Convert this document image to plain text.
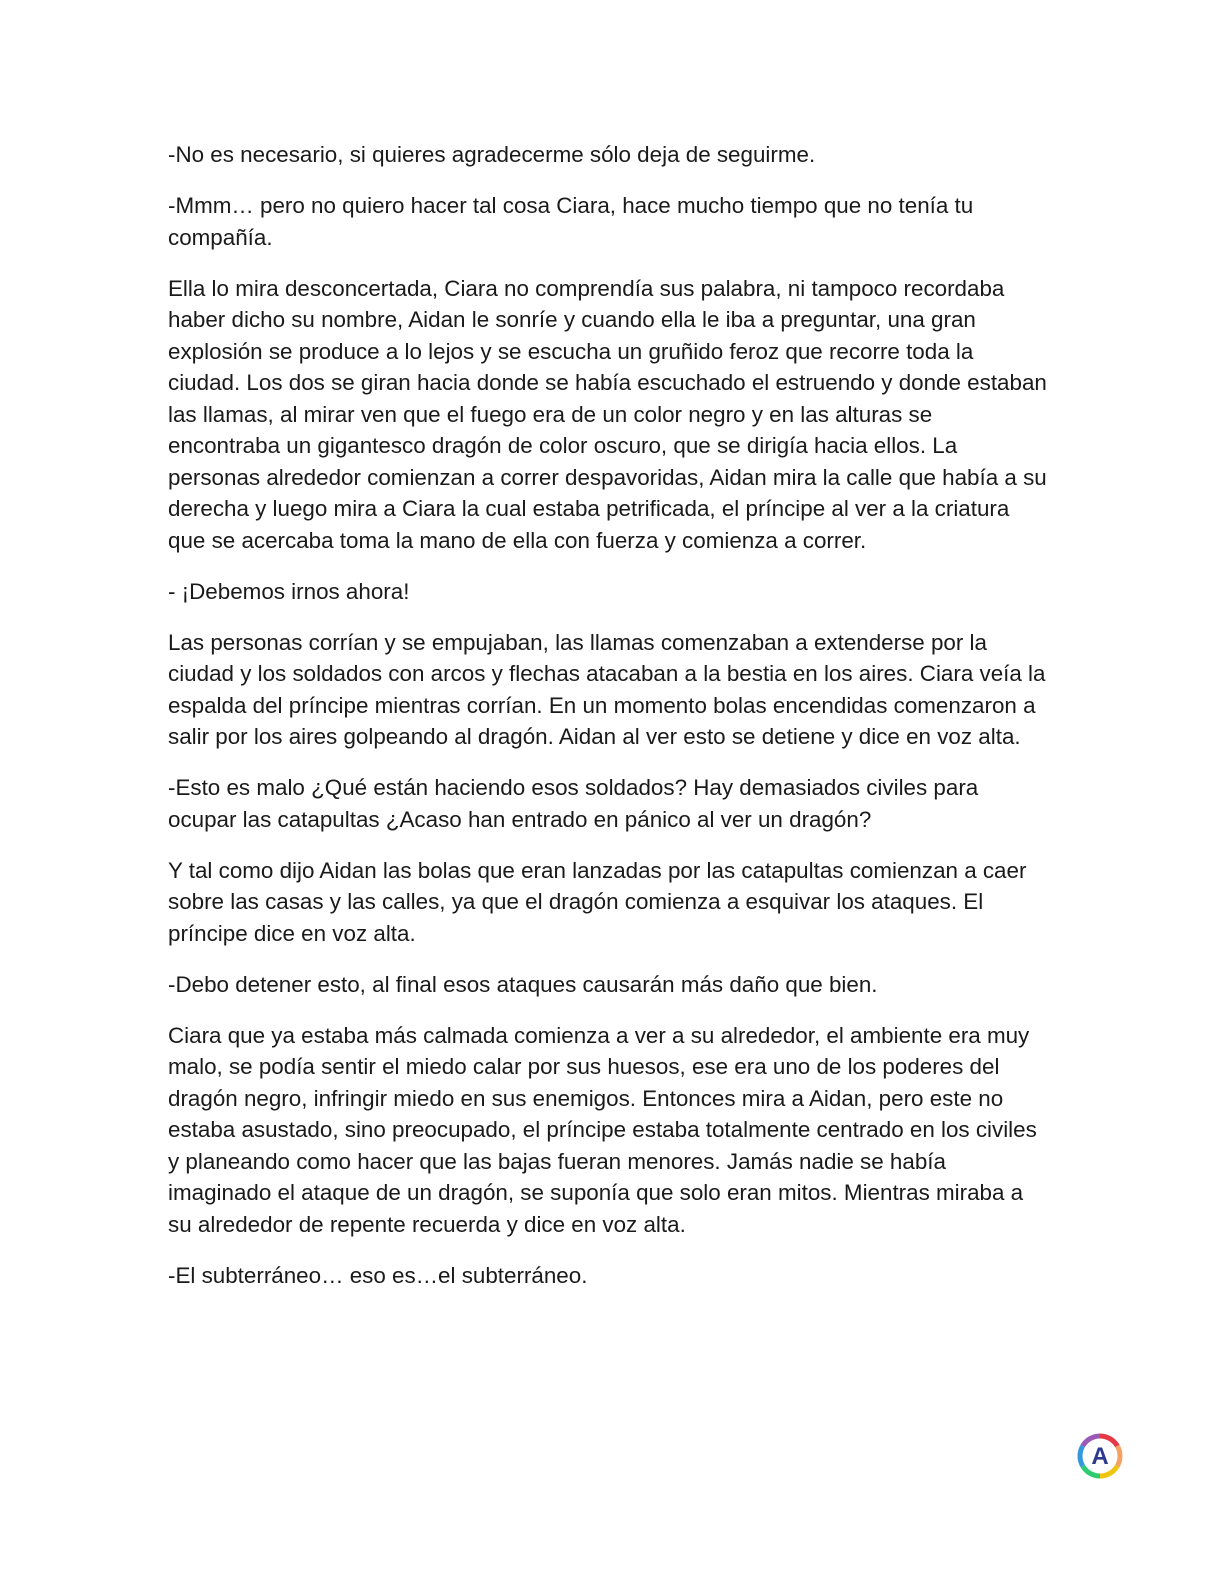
-No es necesario, si quieres agradecerme sólo deja de seguirme.

-Mmm… pero no quiero hacer tal cosa Ciara, hace mucho tiempo que no tenía tu compañía.

Ella lo mira desconcertada, Ciara no comprendía sus palabra, ni tampoco recordaba haber dicho su nombre, Aidan le sonríe y cuando ella le iba a preguntar, una gran explosión se produce a lo lejos y se escucha un gruñido feroz que recorre toda la ciudad. Los dos se giran hacia donde se había escuchado el estruendo y donde estaban las llamas, al mirar ven que el fuego era de un color negro y en las alturas se encontraba un gigantesco dragón de color oscuro, que se dirigía hacia ellos. La personas alrededor comienzan a correr despavoridas, Aidan mira la calle que había a su derecha y luego mira a Ciara la cual estaba petrificada, el príncipe al ver a la criatura que se acercaba toma la mano de ella con fuerza y comienza a correr.

- ¡Debemos irnos ahora!

Las personas corrían y se empujaban, las llamas comenzaban a extenderse por la ciudad y los soldados con arcos y flechas atacaban a la bestia en los aires. Ciara veía la espalda del príncipe mientras corrían. En un momento bolas encendidas comenzaron a salir por los aires golpeando al dragón. Aidan al ver esto se detiene y dice en voz alta.

-Esto es malo ¿Qué están haciendo esos soldados? Hay demasiados civiles para ocupar las catapultas ¿Acaso han entrado en pánico al ver un dragón?

Y tal como dijo Aidan las bolas que eran lanzadas por las catapultas comienzan a caer sobre las casas y las calles, ya que el dragón comienza a esquivar los ataques. El príncipe dice en voz alta.

-Debo detener esto, al final esos ataques causarán más daño que bien.

Ciara que ya estaba más calmada comienza a ver a su alrededor, el ambiente era muy malo, se podía sentir el miedo calar por sus huesos, ese era uno de los poderes del dragón negro, infringir miedo en sus enemigos. Entonces mira a Aidan, pero este no estaba asustado, sino preocupado, el príncipe estaba totalmente centrado en los civiles y planeando como hacer que las bajas fueran menores. Jamás nadie se había imaginado el ataque de un dragón, se suponía que solo eran mitos. Mientras miraba a su alrededor de repente recuerda y dice en voz alta.

-El subterráneo… eso es…el subterráneo.

A
